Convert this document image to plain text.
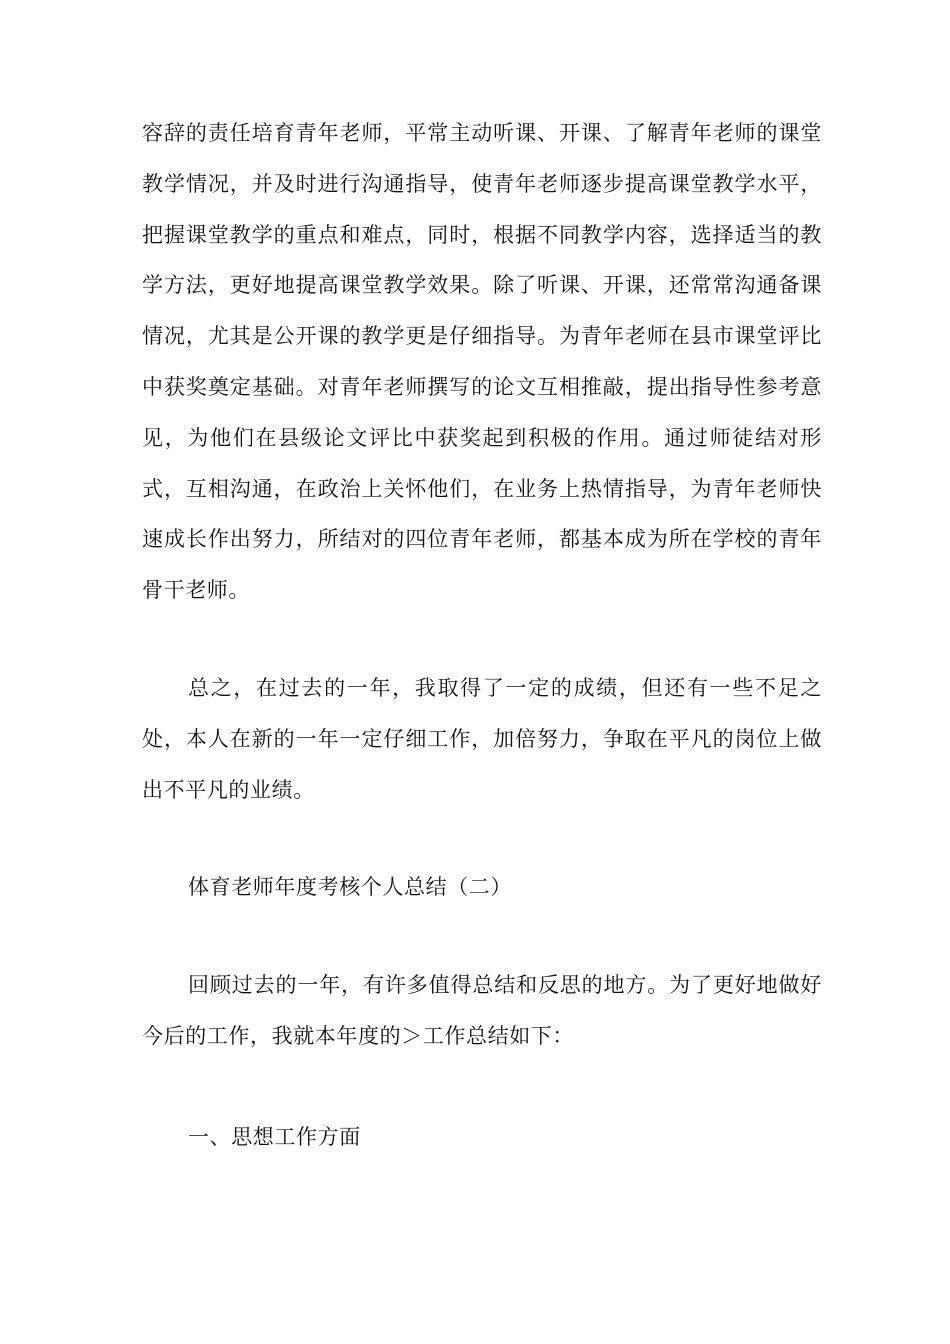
容辞的责任培育青年老师，平常主动听课、开课、了解青年老师的课堂教学情况，并及时进行沟通指导，使青年老师逐步提高课堂教学水平，把握课堂教学的重点和难点，同时，根据不同教学内容，选择适当的教学方法，更好地提高课堂教学效果。除了听课、开课，还常常沟通备课情况，尤其是公开课的教学更是仔细指导。为青年老师在县市课堂评比中获奖奠定基础。对青年老师撰写的论文互相推敲，提出指导性参考意见，为他们在县级论文评比中获奖起到积极的作用。通过师徒结对形式，互相沟通，在政治上关怀他们，在业务上热情指导，为青年老师快速成长作出努力，所结对的四位青年老师，都基本成为所在学校的青年骨干老师。

总之，在过去的一年，我取得了一定的成绩，但还有一些不足之处，本人在新的一年一定仔细工作，加倍努力，争取在平凡的岗位上做出不平凡的业绩。

体育老师年度考核个人总结（二）

回顾过去的一年，有许多值得总结和反思的地方。为了更好地做好今后的工作，我就本年度的＞工作总结如下：

一、思想工作方面
